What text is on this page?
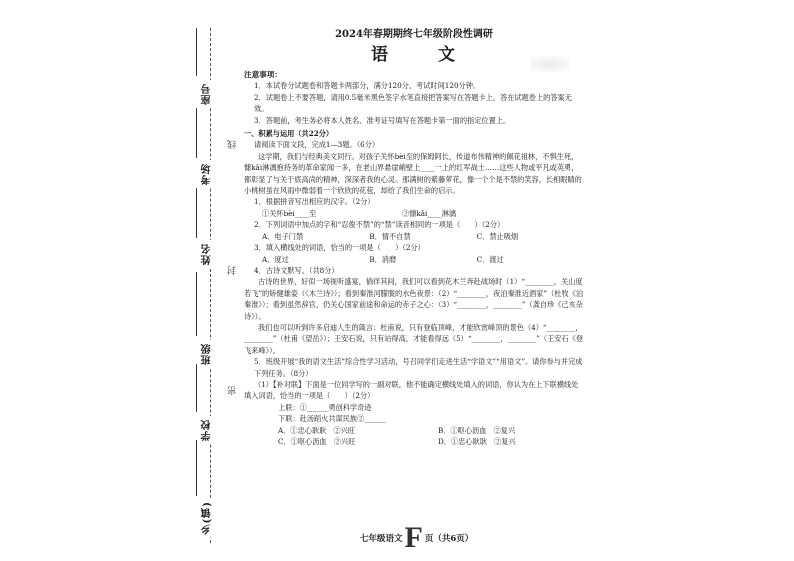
座号
线
考场
姓名
封
班级
学校
密
乡(镇)
2024年春期期终七年级阶段性调研
语 文
注意事项：

1．本试卷分试题卷和答题卡两部分，满分120分，考试时间120分钟。

2．试题卷上不要答题，请用0.5毫米黑色签字水笔直接把答案写在答题卡上，答在试题卷上的答案无效。

3．答题前，考生务必将本人姓名、准考证号填写在答题卡第一面的指定位置上。

一、积累与运用（共22分）

请阅读下面文段，完成1—3题。（6分）

这学期，我们与经典美文同行。对孩子关怀bèi至的保姆阿长，传道布伟精神的佩花祖林，不惧生死，慷kǎi淋漓抱持务的革命家闻一多，在老山界悬崖峭壁上____一上的红军战士……这些人物或平凡或英勇，都彰显了与关于底高尚的精神，深深者我的心灵。那满树的紫藤萝花，像一个个是不禁的笑容，长相眼睛的小桃树虽在风雨中微弱着一个欣欣的花苞，却给了我们生命的启示。

1．根据拼音写出相应的汉字。（2分）

①关怀bèi____至	②慷kǎi____淋漓

2．下列词语中加点的字和“忍俊不禁”的“禁”读音相同的一项是（　　）（2分）

A．电子门禁	B．情不自禁	C．禁止吸烟

3．填入横线处的词语，恰当的一项是（　　）（2分）

A．度过	B．消磨	C．渡过

4．古诗文默写。（共8分）

古诗的世界，好似一场视听盛宴，徜徉其间，我们可以看到花木兰奔赴战场时（1）“________，关山度若飞”的矫健雄姿（《木兰诗》）；看到秦淮河朦胧的水色夜景：（2）“________，夜泊秦淮近酒家”（杜牧《泊秦淮》）；看到虽然辞官，仍关心国家前途和命运的赤子之心：（3）“________，________”（龚自珍《己亥杂诗》）。

我们也可以听到许多启迪人生的箴言：杜甫说，只有登临顶峰，才能欣赏峰顶的景色（4）“________，________”（杜甫《望岳》）；王安石说，只有站得高，才能看得远（5）“________，________”（王安石《登飞来峰》）。

5．班级开展“我的语文生活”综合性学习活动，号召同学们走进生活“学语文”“用语文”。请你参与并完成下列任务。（8分）

（1）【补对联】下面是一位同学写的一副对联，他不能确定横线处填入的词语，你认为在上下联横线处填入词语，恰当的一项是（　　）（2分）

上联：①______勇创科学奇迹

下联：赴汤蹈火共谋民族②______

A．①忠心耿耿　②兴旺	B．①呕心沥血　②复兴
C．①呕心沥血　②兴旺	D．①忠心耿耿　②复兴
七年级语文 F 页（共6页）
